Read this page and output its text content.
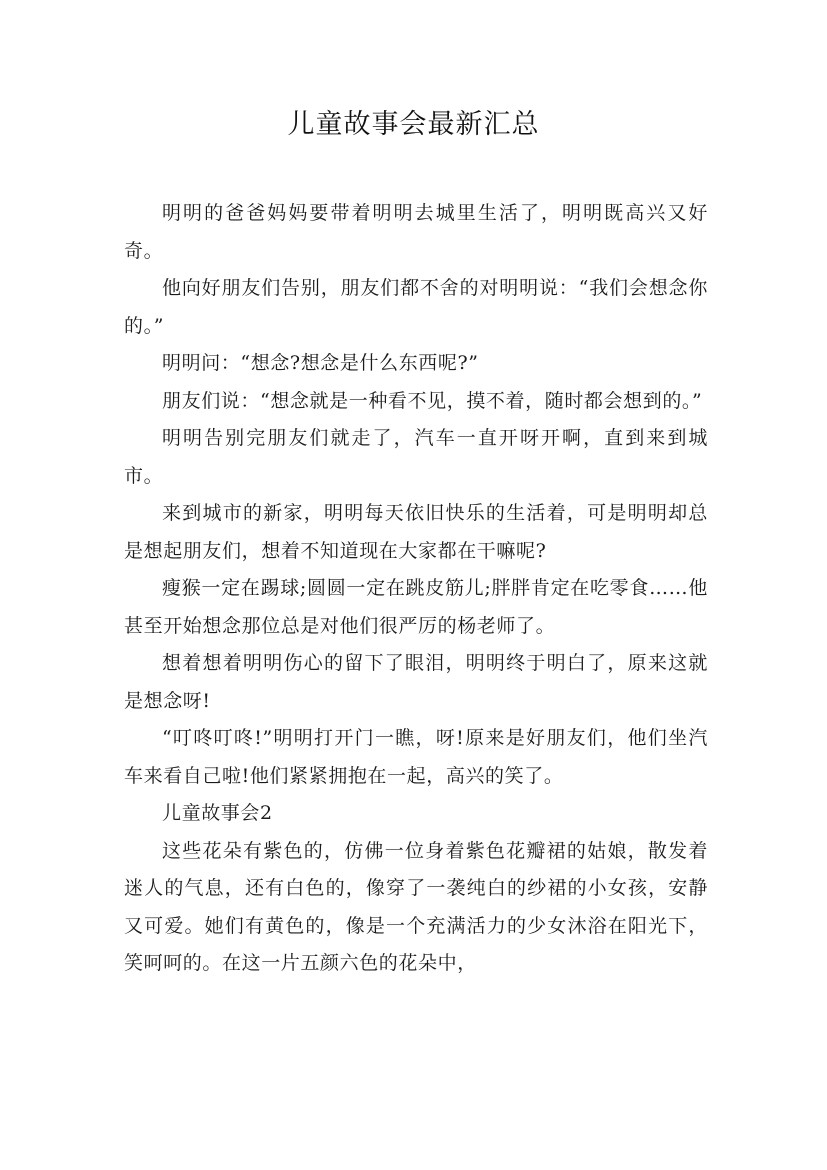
儿童故事会最新汇总

明明的爸爸妈妈要带着明明去城里生活了，明明既高兴又好奇。

他向好朋友们告别，朋友们都不舍的对明明说：“我们会想念你的。”

明明问：“想念?想念是什么东西呢?”

朋友们说：“想念就是一种看不见，摸不着，随时都会想到的。”

明明告别完朋友们就走了，汽车一直开呀开啊，直到来到城市。

来到城市的新家，明明每天依旧快乐的生活着，可是明明却总是想起朋友们，想着不知道现在大家都在干嘛呢?

瘦猴一定在踢球;圆圆一定在跳皮筋儿;胖胖肯定在吃零食……他甚至开始想念那位总是对他们很严厉的杨老师了。

想着想着明明伤心的留下了眼泪，明明终于明白了，原来这就是想念呀!

“叮咚叮咚!”明明打开门一瞧，呀!原来是好朋友们，他们坐汽车来看自己啦!他们紧紧拥抱在一起，高兴的笑了。

儿童故事会2

这些花朵有紫色的，仿佛一位身着紫色花瓣裙的姑娘，散发着迷人的气息，还有白色的，像穿了一袭纯白的纱裙的小女孩，安静又可爱。她们有黄色的，像是一个充满活力的少女沐浴在阳光下，笑呵呵的。在这一片五颜六色的花朵中，
